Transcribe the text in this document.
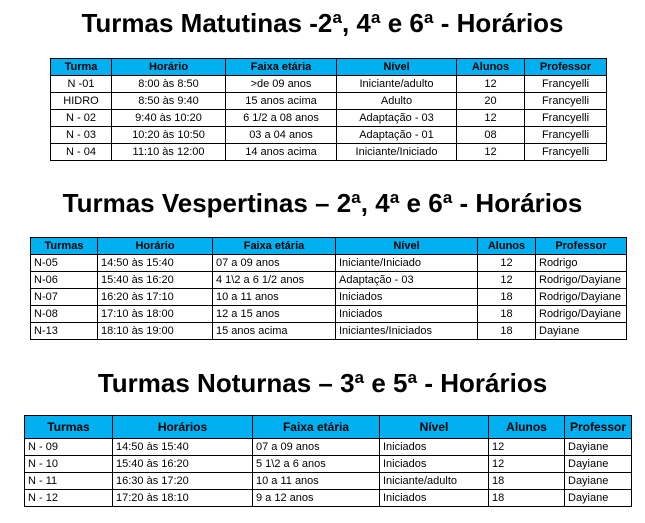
Turmas Matutinas -2ª, 4ª e 6ª - Horários
Turma	Horário	Faixa etária	Nível	Alunos	Professor
N -01	8:00 às 8:50	>de 09 anos	Iniciante/adulto	12	Francyelli
HIDRO	8:50 às 9:40	15 anos acima	Adulto	20	Francyelli
N - 02	9:40 às 10:20	6 1/2 a 08 anos	Adaptação - 03	12	Francyelli
N - 03	10:20 às 10:50	03 a 04 anos	Adaptação - 01	08	Francyelli
N - 04	11:10 às 12:00	14 anos acima	Iniciante/Iniciado	12	Francyelli
Turmas Vespertinas – 2ª, 4ª e 6ª - Horários
Turmas	Horário	Faixa etária	Nível	Alunos	Professor
N-05	14:50 às 15:40	07 a 09 anos	Iniciante/Iniciado	12	Rodrigo
N-06	15:40 às 16:20	4 1\2 a 6 1/2 anos	Adaptação - 03	12	Rodrigo/Dayiane
N-07	16:20 às 17:10	10 a 11 anos	Iniciados	18	Rodrigo/Dayiane
N-08	17:10 às 18:00	12 a 15 anos	Iniciados	18	Rodrigo/Dayiane
N-13	18:10 às 19:00	15 anos acima	Iniciantes/Iniciados	18	Dayiane
Turmas Noturnas – 3ª e 5ª - Horários
Turmas	Horários	Faixa etária	Nível	Alunos	Professor
N - 09	14:50 às 15:40	07 a 09 anos	Iniciados	12	Dayiane
N - 10	15:40 às 16:20	5 1\2 a 6 anos	Iniciados	12	Dayiane
N - 11	16:30 às 17:20	10 a 11 anos	Iniciante/adulto	18	Dayiane
N - 12	17:20 às 18:10	9 a 12 anos	Iniciados	18	Dayiane
